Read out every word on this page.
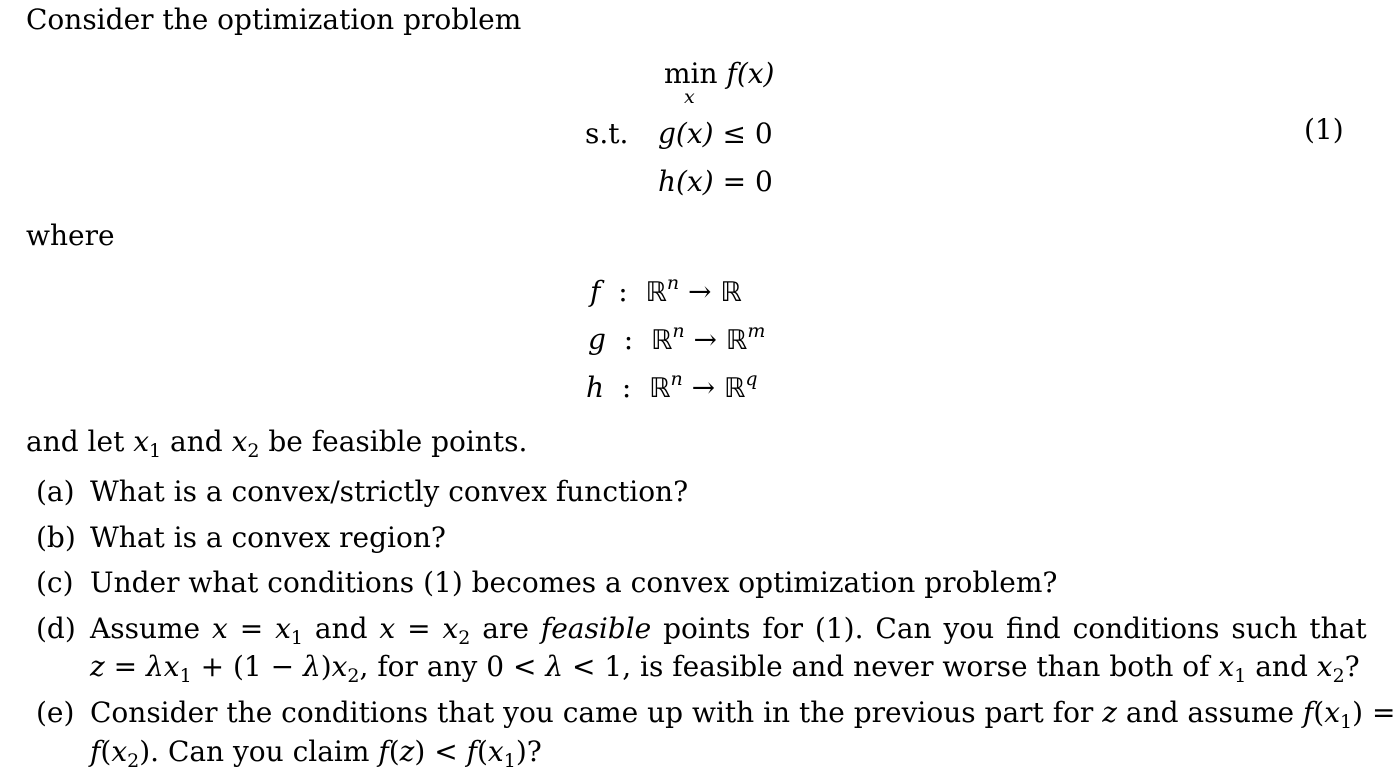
Consider the optimization problem
min f(x)
x
s.t. g(x) ≤ 0	(1)
h(x) = 0
where
f : ℝ$^n$ → ℝ
g : ℝ$^n$ → ℝ$^m$
h : ℝ$^n$ → ℝ$^q$
and let $x_1$ and $x_2$ be feasible points.
(a) What is a convex/strictly convex function?
(b) What is a convex region?
(c) Under what conditions (1) becomes a convex optimization problem?
(d) Assume $x = x_1$ and $x = x_2$ are feasible points for (1). Can you find conditions such that
$z = \lambda x_1 + (1 - \lambda)x_2$, for any 0 < λ < 1, is feasible and never worse than both of $x_1$ and $x_2$?
(e) Consider the conditions that you came up with in the previous part for z and assume $f(x_1)$ =
$f(x_2)$. Can you claim $f(z) < f(x_1)$?
